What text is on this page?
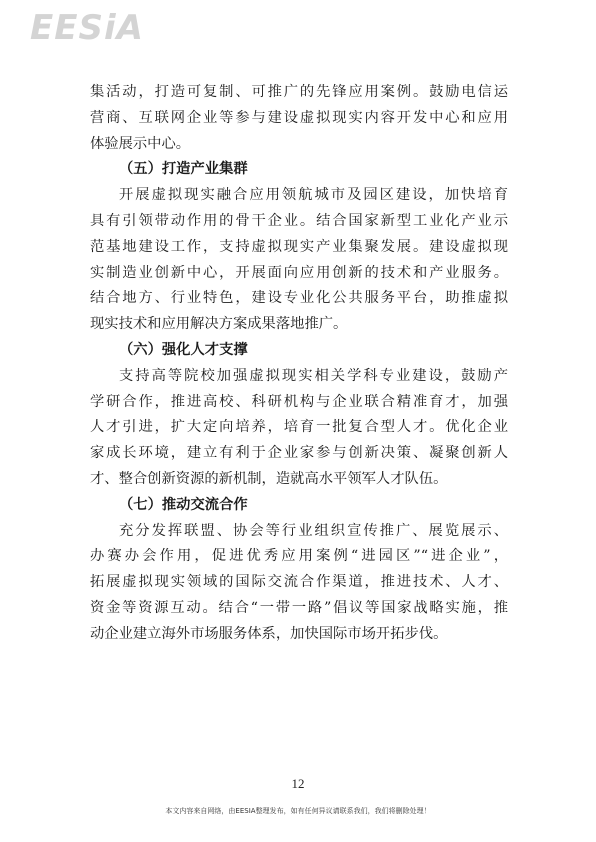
EESiA
集活动，打造可复制、可推广的先锋应用案例。鼓励电信运
营商、互联网企业等参与建设虚拟现实内容开发中心和应用
体验展示中心。
（五）打造产业集群
开展虚拟现实融合应用领航城市及园区建设，加快培育
具有引领带动作用的骨干企业。结合国家新型工业化产业示
范基地建设工作，支持虚拟现实产业集聚发展。建设虚拟现
实制造业创新中心，开展面向应用创新的技术和产业服务。
结合地方、行业特色，建设专业化公共服务平台，助推虚拟
现实技术和应用解决方案成果落地推广。
（六）强化人才支撑
支持高等院校加强虚拟现实相关学科专业建设，鼓励产
学研合作，推进高校、科研机构与企业联合精准育才，加强
人才引进，扩大定向培养，培育一批复合型人才。优化企业
家成长环境，建立有利于企业家参与创新决策、凝聚创新人
才、整合创新资源的新机制，造就高水平领军人才队伍。
（七）推动交流合作
充分发挥联盟、协会等行业组织宣传推广、展览展示、
办赛办会作用，促进优秀应用案例“进园区”“进企业”，
拓展虚拟现实领域的国际交流合作渠道，推进技术、人才、
资金等资源互动。结合“一带一路”倡议等国家战略实施，推
动企业建立海外市场服务体系，加快国际市场开拓步伐。
12
本文内容来自网络，由EESIA整理发布，如有任何异议请联系我们，我们将删除处理！
